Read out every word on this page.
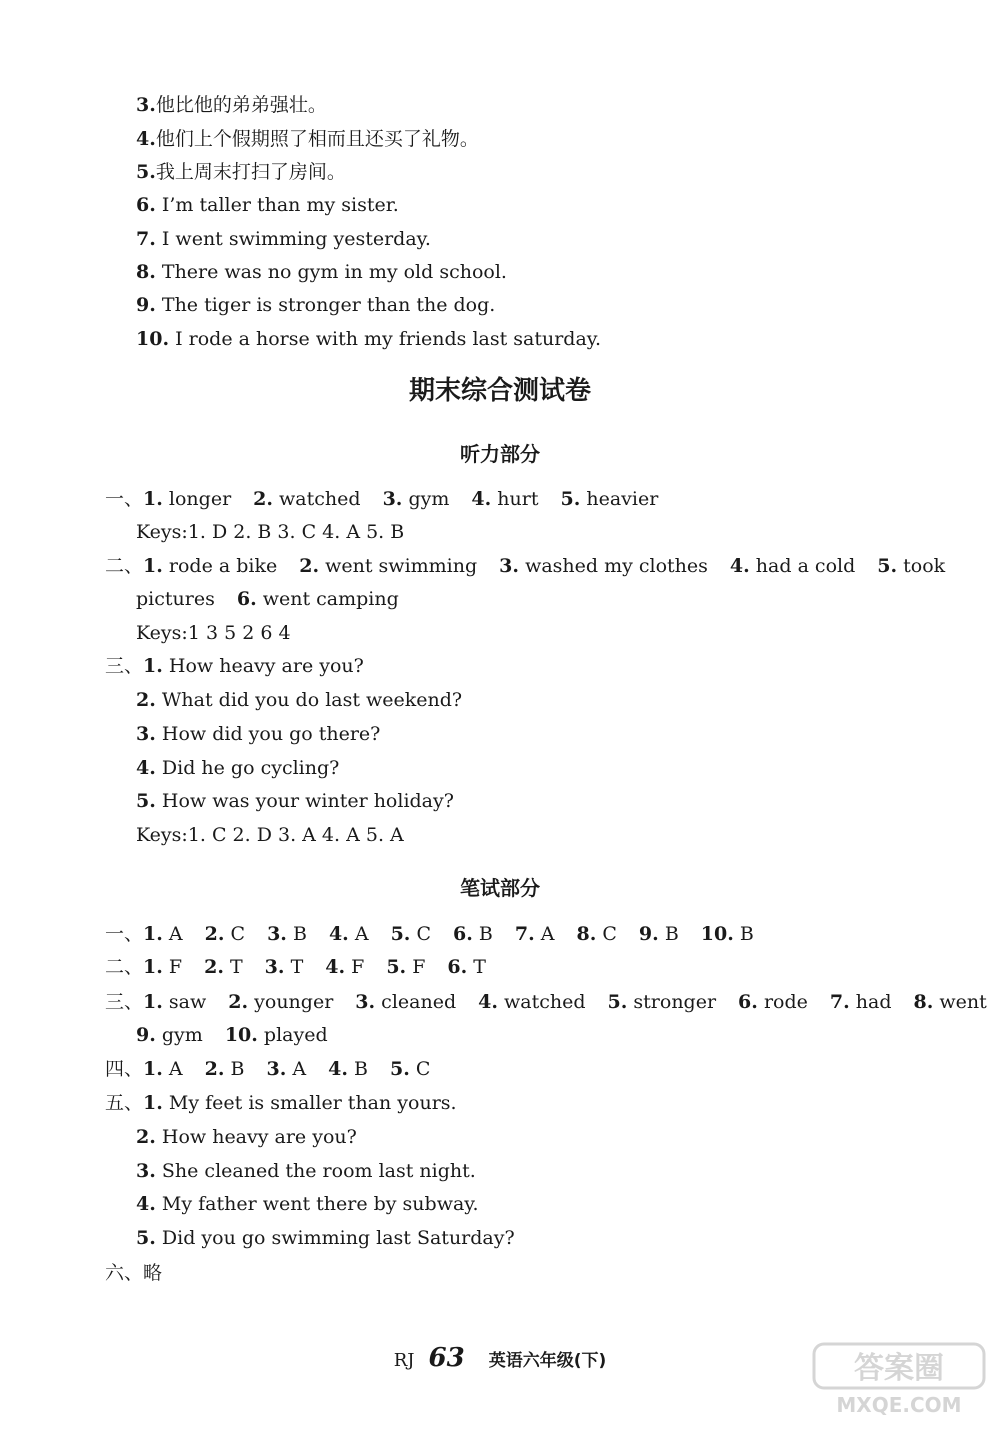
3.他比他的弟弟强壮。
4.他们上个假期照了相而且还买了礼物。
5.我上周末打扫了房间。
6. I’m taller than my sister.
7. I went swimming yesterday.
8. There was no gym in my old school.
9. The tiger is stronger than the dog.
10. I rode a horse with my friends last saturday.
期末综合测试卷
听力部分
一、1. longer 2. watched 3. gym 4. hurt 5. heavier
Keys:1. D 2. B 3. C 4. A 5. B
二、1. rode a bike 2. went swimming 3. washed my clothes 4. had a cold 5. took
pictures 6. went camping
Keys:1 3 5 2 6 4
三、1. How heavy are you?
2. What did you do last weekend?
3. How did you go there?
4. Did he go cycling?
5. How was your winter holiday?
Keys:1. C 2. D 3. A 4. A 5. A
笔试部分
一、1. A 2. C 3. B 4. A 5. C 6. B 7. A 8. C 9. B 10. B
二、1. F 2. T 3. T 4. F 5. F 6. T
三、1. saw 2. younger 3. cleaned 4. watched 5. stronger 6. rode 7. had 8. went
9. gym 10. played
四、1. A 2. B 3. A 4. B 5. C
五、1. My feet is smaller than yours.
2. How heavy are you?
3. She cleaned the room last night.
4. My father went there by subway.
5. Did you go swimming last Saturday?
六、略
RJ 63 英语六年级(下)	答案圈
MXQE.COM
